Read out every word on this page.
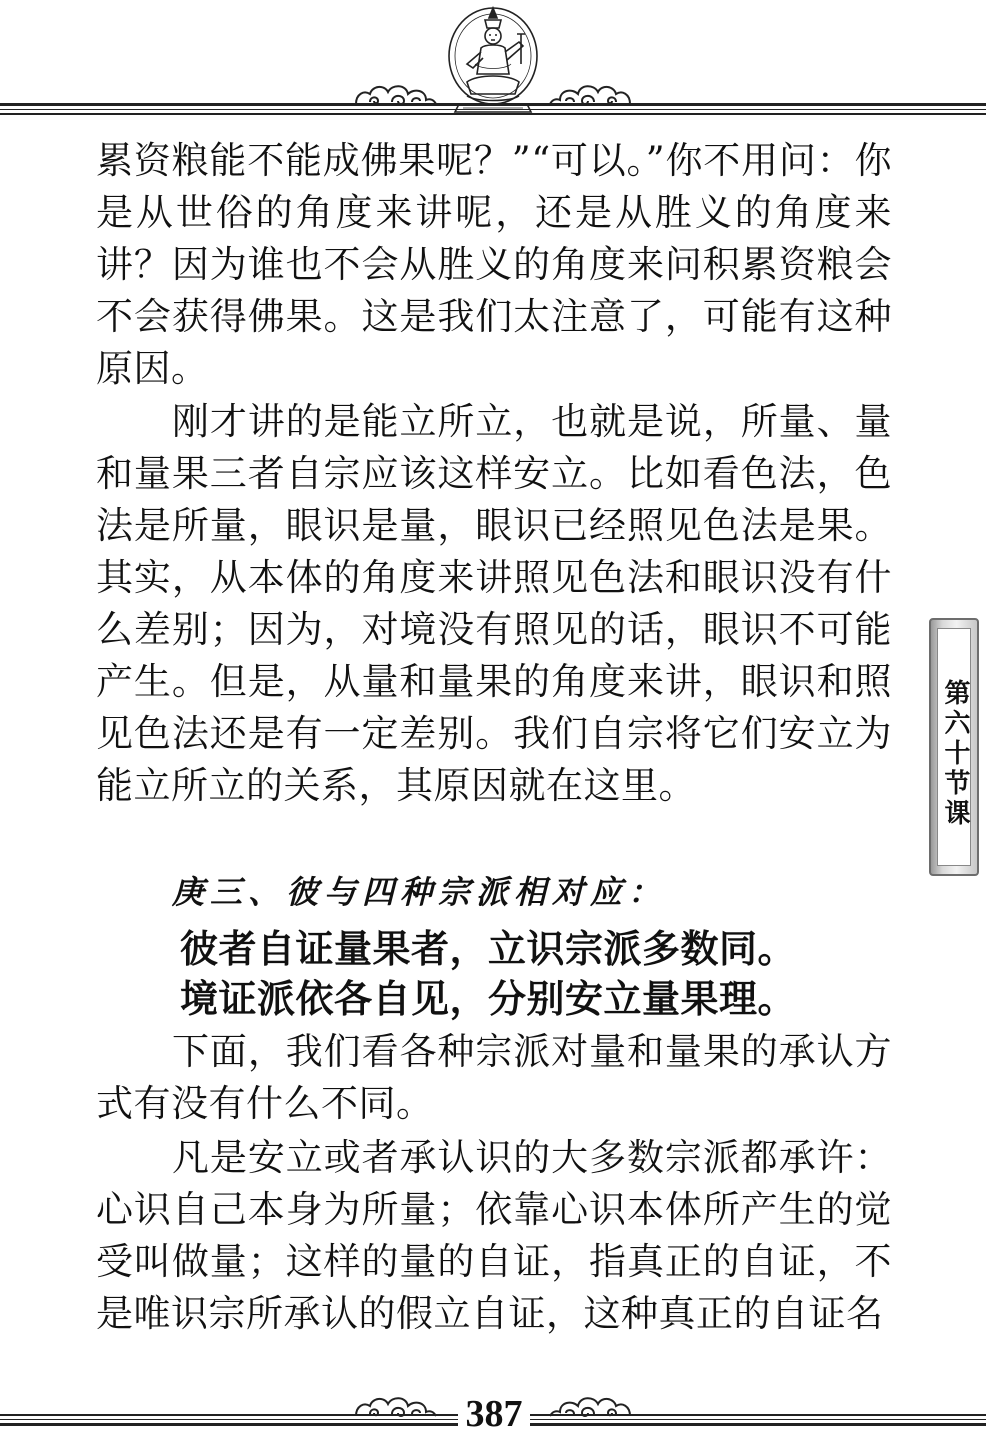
累资粮能不能成佛果呢？”“可以。”你不用问：你是从世俗的角度来讲呢，还是从胜义的角度来讲？因为谁也不会从胜义的角度来问积累资粮会不会获得佛果。这是我们太注意了，可能有这种原因。

刚才讲的是能立所立，也就是说，所量、量和量果三者自宗应该这样安立。比如看色法，色法是所量，眼识是量，眼识已经照见色法是果。其实，从本体的角度来讲照见色法和眼识没有什么差别；因为，对境没有照见的话，眼识不可能产生。但是，从量和量果的角度来讲，眼识和照见色法还是有一定差别。我们自宗将它们安立为能立所立的关系，其原因就在这里。

庚三、彼与四种宗派相对应：

彼者自证量果者，立识宗派多数同。

境证派依各自见，分别安立量果理。

下面，我们看各种宗派对量和量果的承认方式有没有什么不同。

凡是安立或者承认识的大多数宗派都承许：心识自己本身为所量；依靠心识本体所产生的觉受叫做量；这样的量的自证，指真正的自证，不是唯识宗所承认的假立自证，这种真正的自证名

第六十节课
387
